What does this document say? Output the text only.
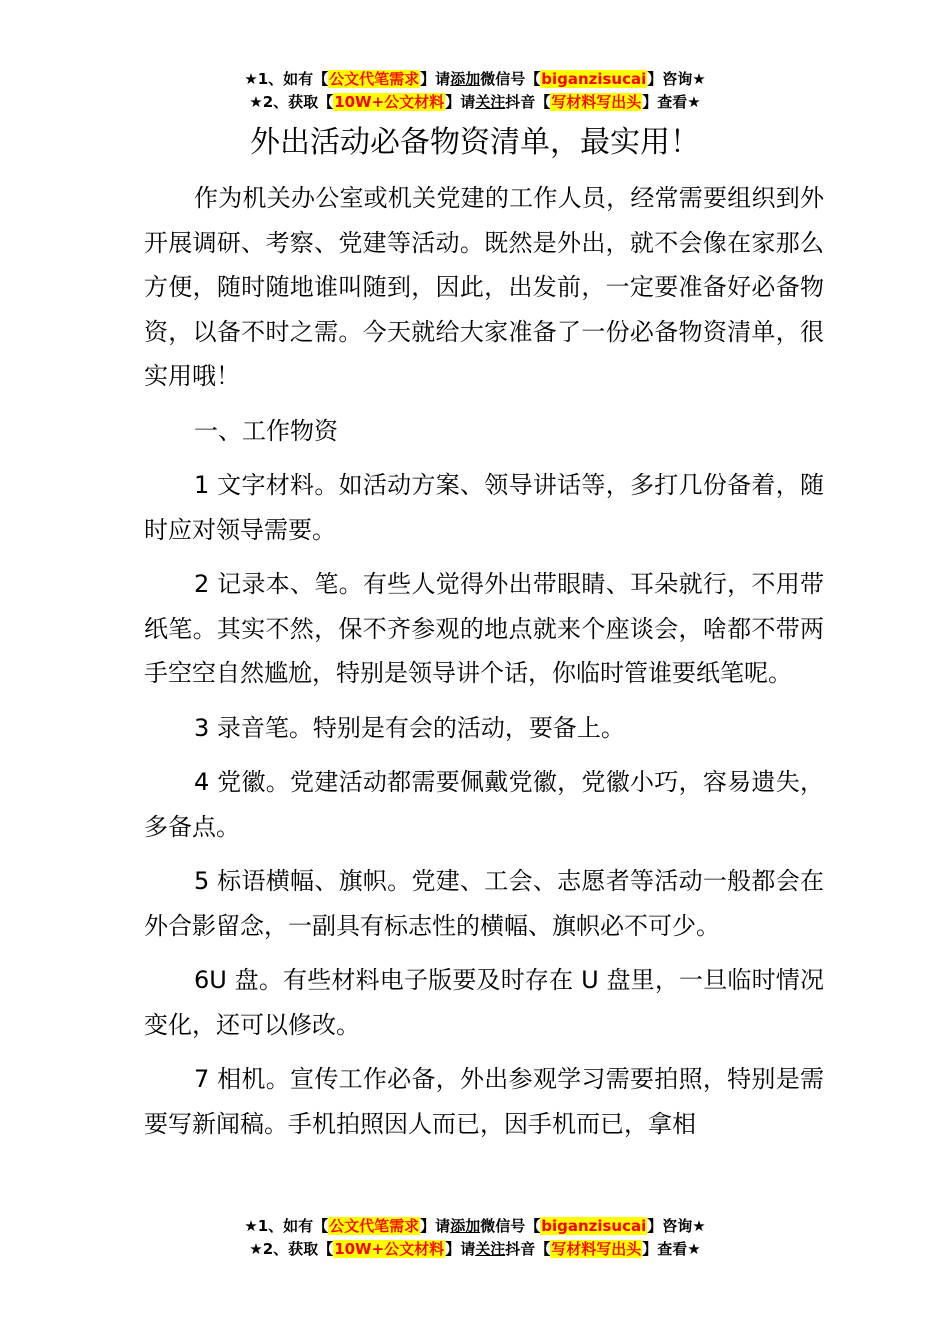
★1、如有【公文代笔需求】请添加微信号【biganzisucai】咨询★
★2、获取【10W+公文材料】请关注抖音【写材料写出头】查看★
外出活动必备物资清单，最实用！

作为机关办公室或机关党建的工作人员，经常需要组织到外开展调研、考察、党建等活动。既然是外出，就不会像在家那么方便，随时随地谁叫随到，因此，出发前，一定要准备好必备物资，以备不时之需。今天就给大家准备了一份必备物资清单，很实用哦！

一、工作物资

1 文字材料。如活动方案、领导讲话等，多打几份备着，随时应对领导需要。

2 记录本、笔。有些人觉得外出带眼睛、耳朵就行，不用带纸笔。其实不然，保不齐参观的地点就来个座谈会，啥都不带两手空空自然尴尬，特别是领导讲个话，你临时管谁要纸笔呢。

3 录音笔。特别是有会的活动，要备上。

4 党徽。党建活动都需要佩戴党徽，党徽小巧，容易遗失，多备点。

5 标语横幅、旗帜。党建、工会、志愿者等活动一般都会在外合影留念，一副具有标志性的横幅、旗帜必不可少。

6U 盘。有些材料电子版要及时存在 U 盘里，一旦临时情况变化，还可以修改。

7 相机。宣传工作必备，外出参观学习需要拍照，特别是需要写新闻稿。手机拍照因人而已，因手机而已，拿相

★1、如有【公文代笔需求】请添加微信号【biganzisucai】咨询★
★2、获取【10W+公文材料】请关注抖音【写材料写出头】查看★
